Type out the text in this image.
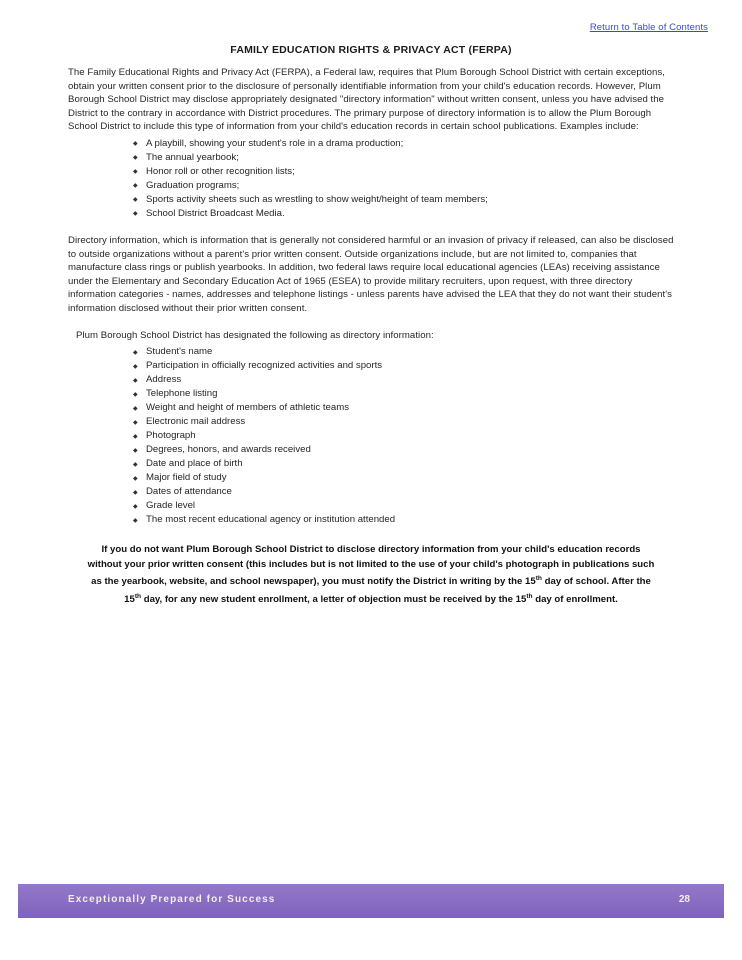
Return to Table of Contents
FAMILY EDUCATION RIGHTS & PRIVACY ACT (FERPA)

The Family Educational Rights and Privacy Act (FERPA), a Federal law, requires that Plum Borough School District with certain exceptions, obtain your written consent prior to the disclosure of personally identifiable information from your child's education records. However, Plum Borough School District may disclose appropriately designated "directory information" without written consent, unless you have advised the District to the contrary in accordance with District procedures. The primary purpose of directory information is to allow the Plum Borough School District to include this type of information from your child's education records in certain school publications. Examples include:

◆ A playbill, showing your student's role in a drama production;
◆ The annual yearbook;
◆ Honor roll or other recognition lists;
◆ Graduation programs;
◆ Sports activity sheets such as wrestling to show weight/height of team members;
◆ School District Broadcast Media.

Directory information, which is information that is generally not considered harmful or an invasion of privacy if released, can also be disclosed to outside organizations without a parent's prior written consent. Outside organizations include, but are not limited to, companies that manufacture class rings or publish yearbooks. In addition, two federal laws require local educational agencies (LEAs) receiving assistance under the Elementary and Secondary Education Act of 1965 (ESEA) to provide military recruiters, upon request, with three directory information categories - names, addresses and telephone listings - unless parents have advised the LEA that they do not want their student's information disclosed without their prior written consent.

Plum Borough School District has designated the following as directory information:

◆ Student's name
◆ Participation in officially recognized activities and sports
◆ Address
◆ Telephone listing
◆ Weight and height of members of athletic teams
◆ Electronic mail address
◆ Photograph
◆ Degrees, honors, and awards received
◆ Date and place of birth
◆ Major field of study
◆ Dates of attendance
◆ Grade level
◆ The most recent educational agency or institution attended
If you do not want Plum Borough School District to disclose directory information from your child's education records without your prior written consent (this includes but is not limited to the use of your child's photograph in publications such as the yearbook, website, and school newspaper), you must notify the District in writing by the 15th day of school. After the 15th day, for any new student enrollment, a letter of objection must be received by the 15th day of enrollment.
Exceptionally Prepared for Success	28
